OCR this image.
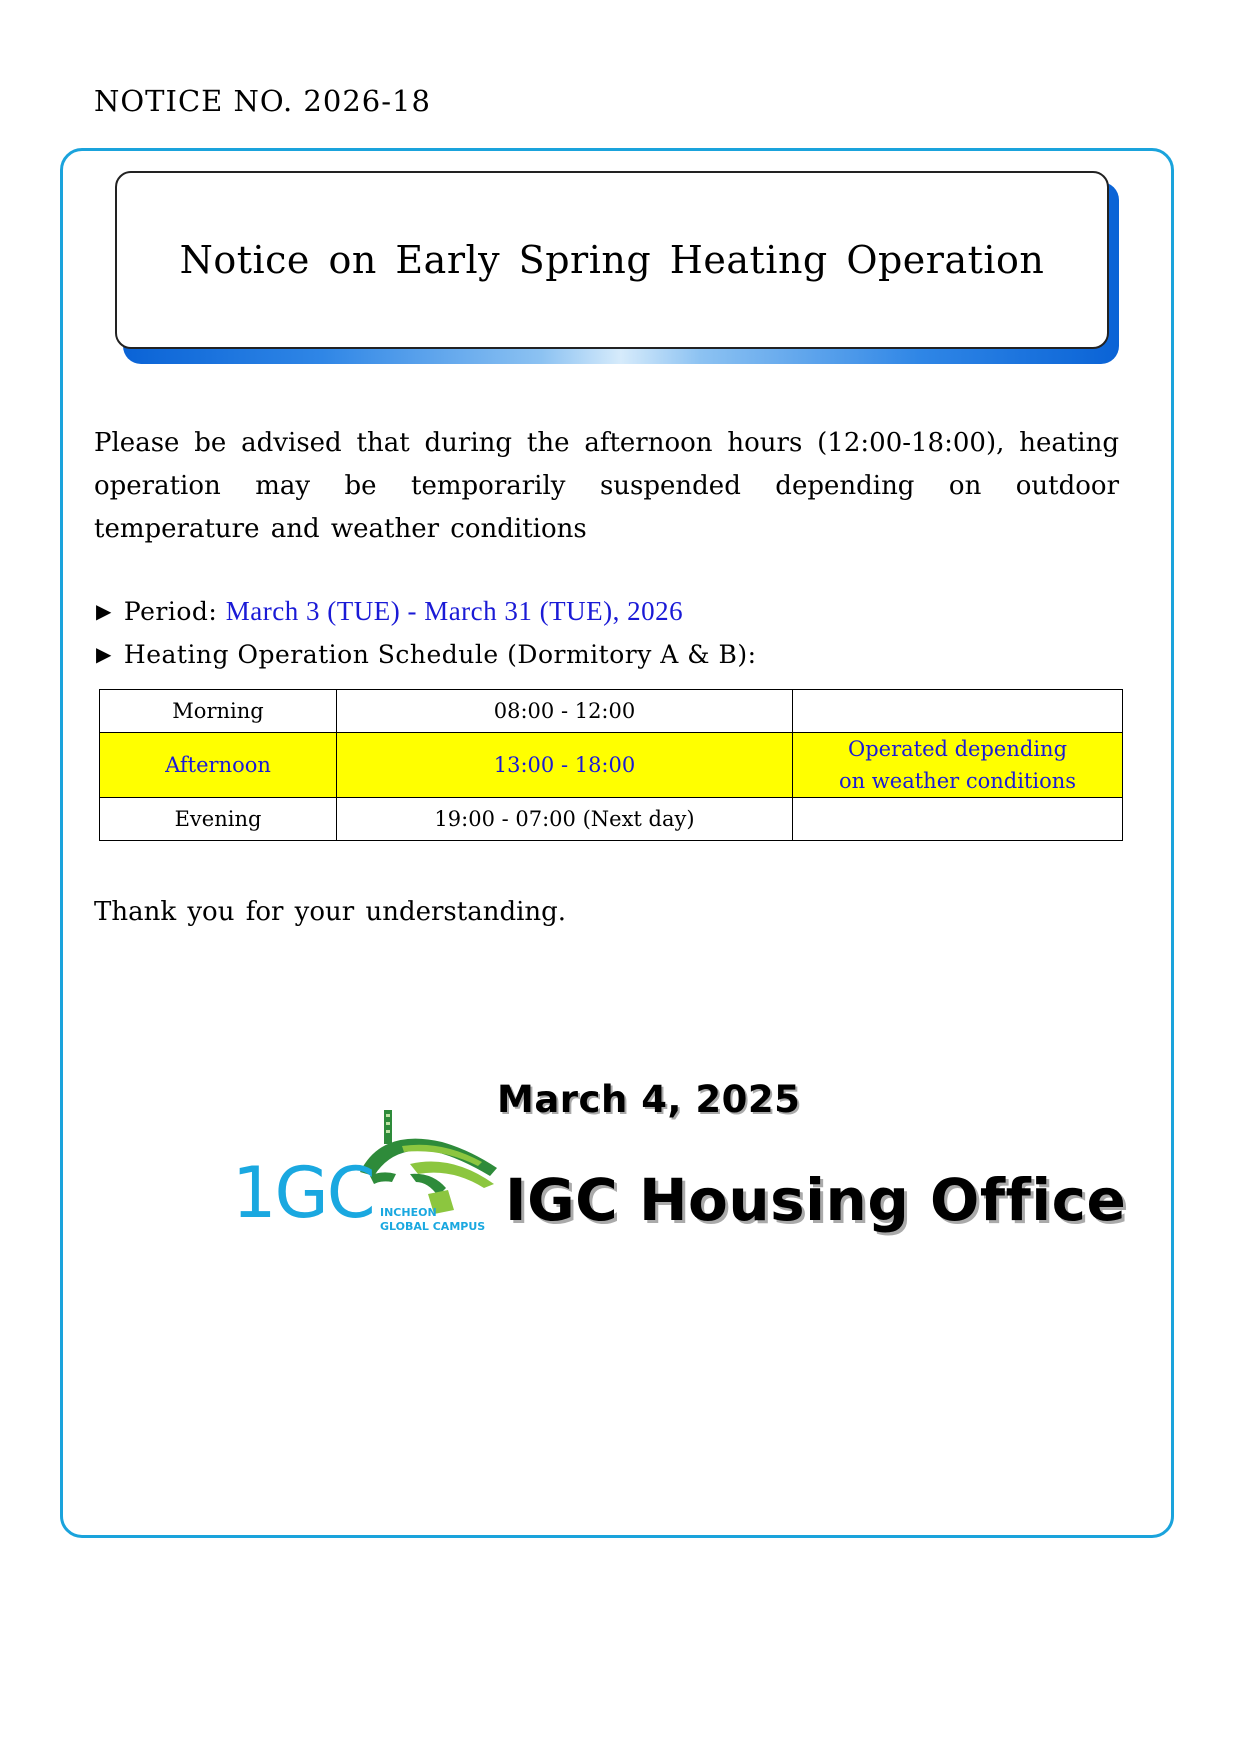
NOTICE NO. 2026-18
Notice on Early Spring Heating Operation

Please be advised that during the afternoon hours (12:00-18:00), heating operation may be temporarily suspended depending on outdoor temperature and weather conditions

▶ Period: March 3 (TUE) - March 31 (TUE), 2026
▶ Heating Operation Schedule (Dormitory A & B):
Morning	08:00 - 12:00	
Afternoon	13:00 - 18:00	Operated depending on weather conditions
Evening	19:00 - 07:00 (Next day)	
Thank you for your understanding.
March 4, 2025
1GC INCHEON
GLOBAL CAMPUS IGC Housing Office
